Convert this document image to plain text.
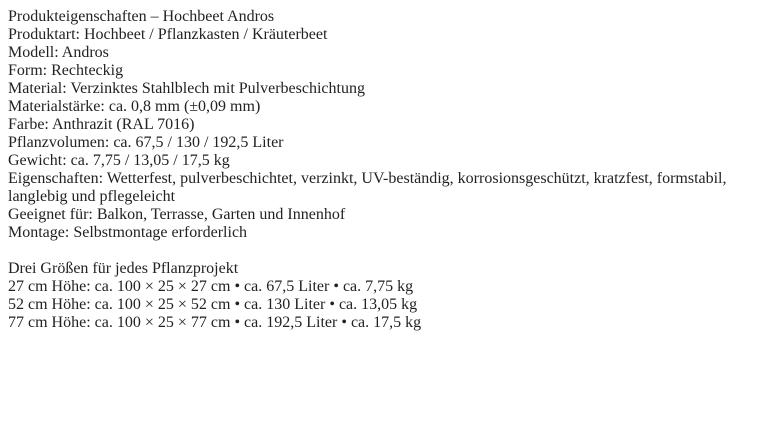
Produkteigenschaften – Hochbeet Andros
Produktart: Hochbeet / Pflanzkasten / Kräuterbeet
Modell: Andros
Form: Rechteckig
Material: Verzinktes Stahlblech mit Pulverbeschichtung
Materialstärke: ca. 0,8 mm (±0,09 mm)
Farbe: Anthrazit (RAL 7016)
Pflanzvolumen: ca. 67,5 / 130 / 192,5 Liter
Gewicht: ca. 7,75 / 13,05 / 17,5 kg
Eigenschaften: Wetterfest, pulverbeschichtet, verzinkt, UV-beständig, korrosionsgeschützt, kratzfest, formstabil, langlebig und pflegeleicht
Geeignet für: Balkon, Terrasse, Garten und Innenhof
Montage: Selbstmontage erforderlich
Drei Größen für jedes Pflanzprojekt
27 cm Höhe: ca. 100 × 25 × 27 cm • ca. 67,5 Liter • ca. 7,75 kg
52 cm Höhe: ca. 100 × 25 × 52 cm • ca. 130 Liter • ca. 13,05 kg
77 cm Höhe: ca. 100 × 25 × 77 cm • ca. 192,5 Liter • ca. 17,5 kg
